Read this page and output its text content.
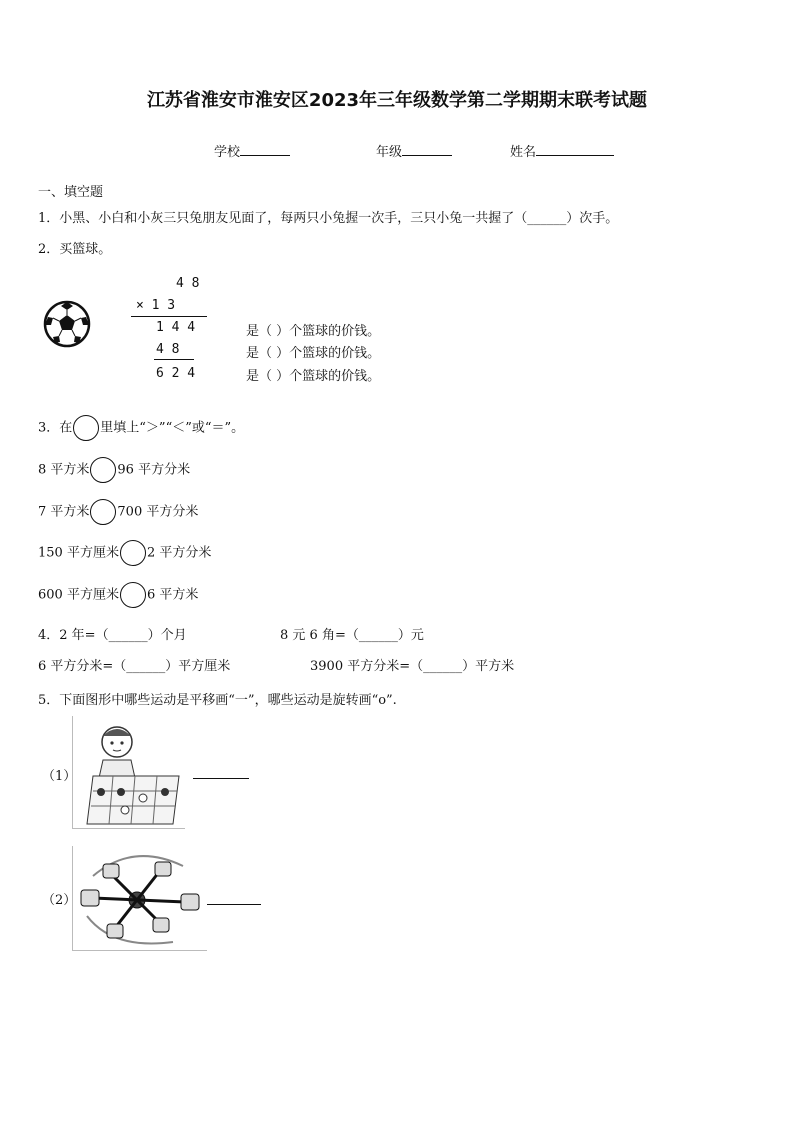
江苏省淮安市淮安区2023年三年级数学第二学期期末联考试题
学校	年级	姓名
一、填空题
1．小黑、小白和小灰三只兔朋友见面了，每两只小兔握一次手，三只小兔一共握了（______）次手。
2．买篮球。
4 8
× 1 3
1 4 4
4 8
6 2 4
是（ ）个篮球的价钱。
是（ ）个篮球的价钱。
是（ ）个篮球的价钱。
3．在 里填上“＞”“＜”或“＝”。
8 平方米 96 平方分米
7 平方米 700 平方分米
150 平方厘米 2 平方分米
600 平方厘米 6 平方米
4．2 年=（______）个月	8 元 6 角=（______）元
6 平方分米=（______）平方厘米	3900 平方分米=（______）平方米
5．下面图形中哪些运动是平移画“一”，哪些运动是旋转画“o”.
（1）
（2）
